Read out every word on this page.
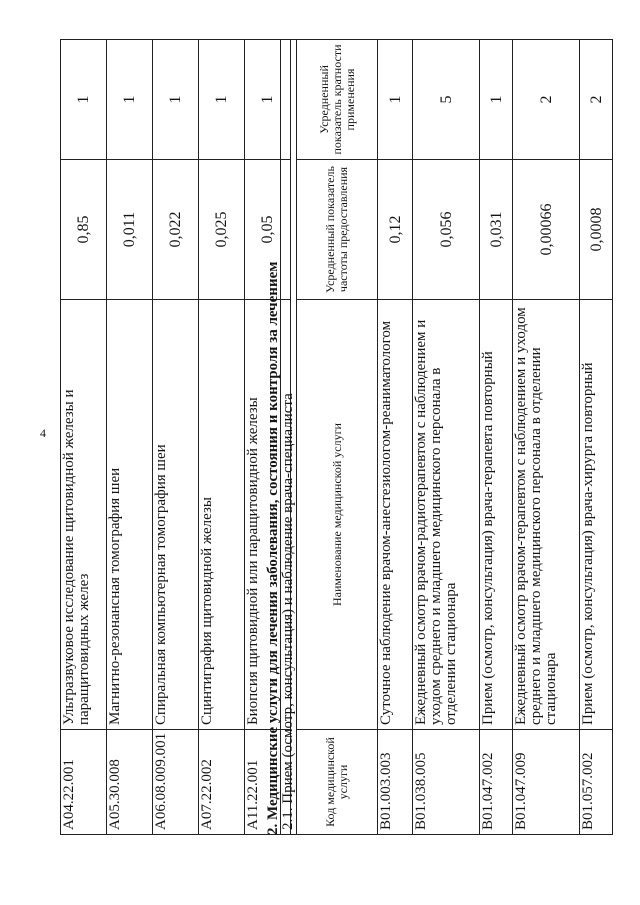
4
A04.22.001	Ультразвуковое исследование щитовидной железы и паращитовидных желез	0,85	1
A05.30.008	Магнитно-резонансная томография шеи	0,011	1
A06.08.009.001	Спиральная компьютерная томография шеи	0,022	1
A07.22.002	Сцинтиграфия щитовидной железы	0,025	1
A11.22.001	Биопсия щитовидной или паращитовидной железы	0,05	1
2. Медицинские услуги для лечения заболевания, состояния и контроля за лечением 2.1. Прием (осмотр, консультация) и наблюдение врача-специалиста			
Код медицинской услуги	Наименование медицинской услуги	Усредненный показатель частоты предоставления	Усредненный показатель кратности применения
B01.003.003	Суточное наблюдение врачом-анестезиологом-реаниматологом	0,12	1
B01.038.005	Ежедневный осмотр врачом-радиотерапевтом с наблюдением и уходом среднего и младшего медицинского персонала в отделении стационара	0,056	5
B01.047.002	Прием (осмотр, консультация) врача-терапевта повторный	0,031	1
B01.047.009	Ежедневный осмотр врачом-терапевтом с наблюдением и уходом среднего и младшего медицинского персонала в отделении стационара	0,00066	2
B01.057.002	Прием (осмотр, консультация) врача-хирурга повторный	0,0008	2
